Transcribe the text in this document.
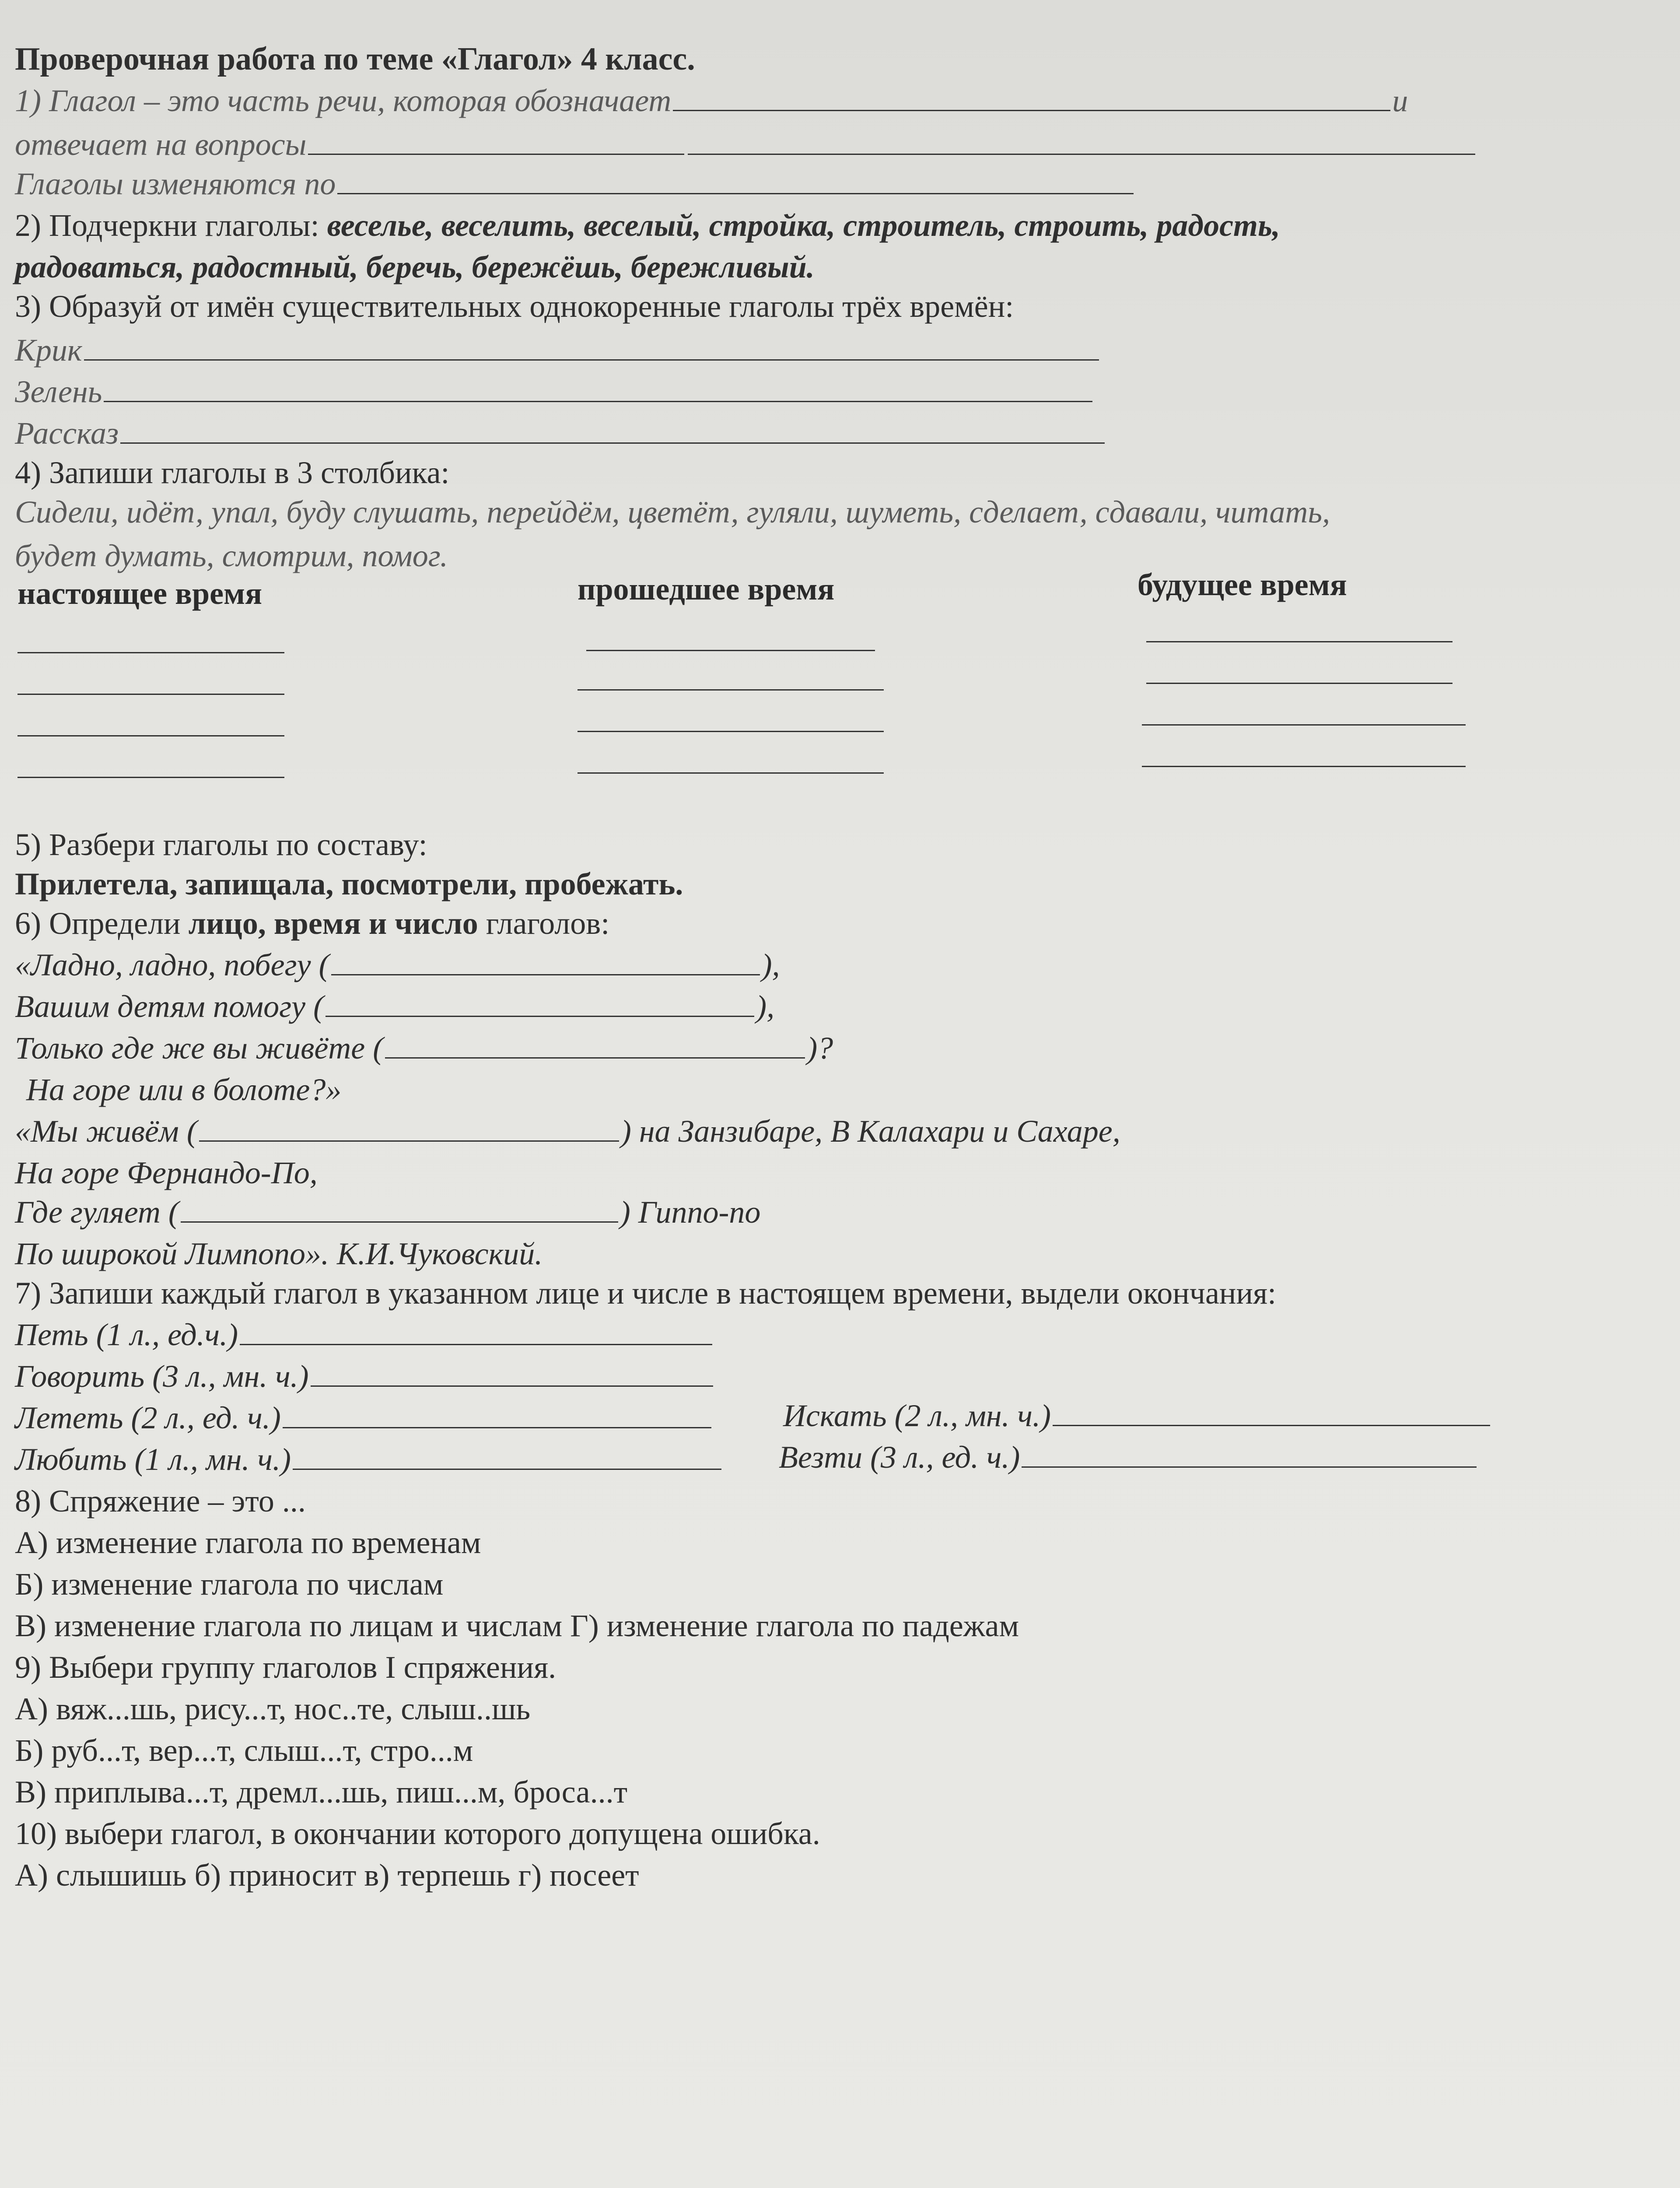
Проверочная работа по теме «Глагол» 4 класс.
1) Глагол – это часть речи, которая обозначает	и
отвечает на вопросы
Глаголы изменяются по
2) Подчеркни глаголы: веселье, веселить, веселый, стройка, строитель, строить, радость,
радоваться, радостный, беречь, бережёшь, бережливый.
3) Образуй от имён существительных однокоренные глаголы трёх времён:
Крик
Зелень
Рассказ
4) Запиши глаголы в 3 столбика:
Сидели, идёт, упал, буду слушать, перейдём, цветёт, гуляли, шуметь, сделает, сдавали, читать,
будет думать, смотрим, помог.
настоящее время	прошедшее время	будущее время
5) Разбери глаголы по составу:
Прилетела, запищала, посмотрели, пробежать.
6) Определи лицо, время и число глаголов:
«Ладно, ладно, побегу (	),
Вашим детям помогу (	),
Только где же вы живёте (	)?
На горе или в болоте?»
«Мы живём (	) на Занзибаре, В Калахари и Сахаре,
На горе Фернандо-По,
Где гуляет (	) Гиппо-по
По широкой Лимпопо». К.И.Чуковский.
7) Запиши каждый глагол в указанном лице и числе в настоящем времени, выдели окончания:
Петь (1 л., ед.ч.)
Говорить (3 л., мн. ч.)
Лететь (2 л., ед. ч.)	Искать (2 л., мн. ч.)
Любить (1 л., мн. ч.)	Везти (3 л., ед. ч.)
8) Спряжение – это ...
А) изменение глагола по временам
Б) изменение глагола по числам
В) изменение глагола по лицам и числам Г) изменение глагола по падежам
9) Выбери группу глаголов I спряжения.
А) вяж...шь, рису...т, нос..те, слыш..шь
Б) руб...т, вер...т, слыш...т, стро...м
В) приплыва...т, дремл...шь, пиш...м, броса...т
10) выбери глагол, в окончании которого допущена ошибка.
А) слышишь б) приносит в) терпешь г) посеет
